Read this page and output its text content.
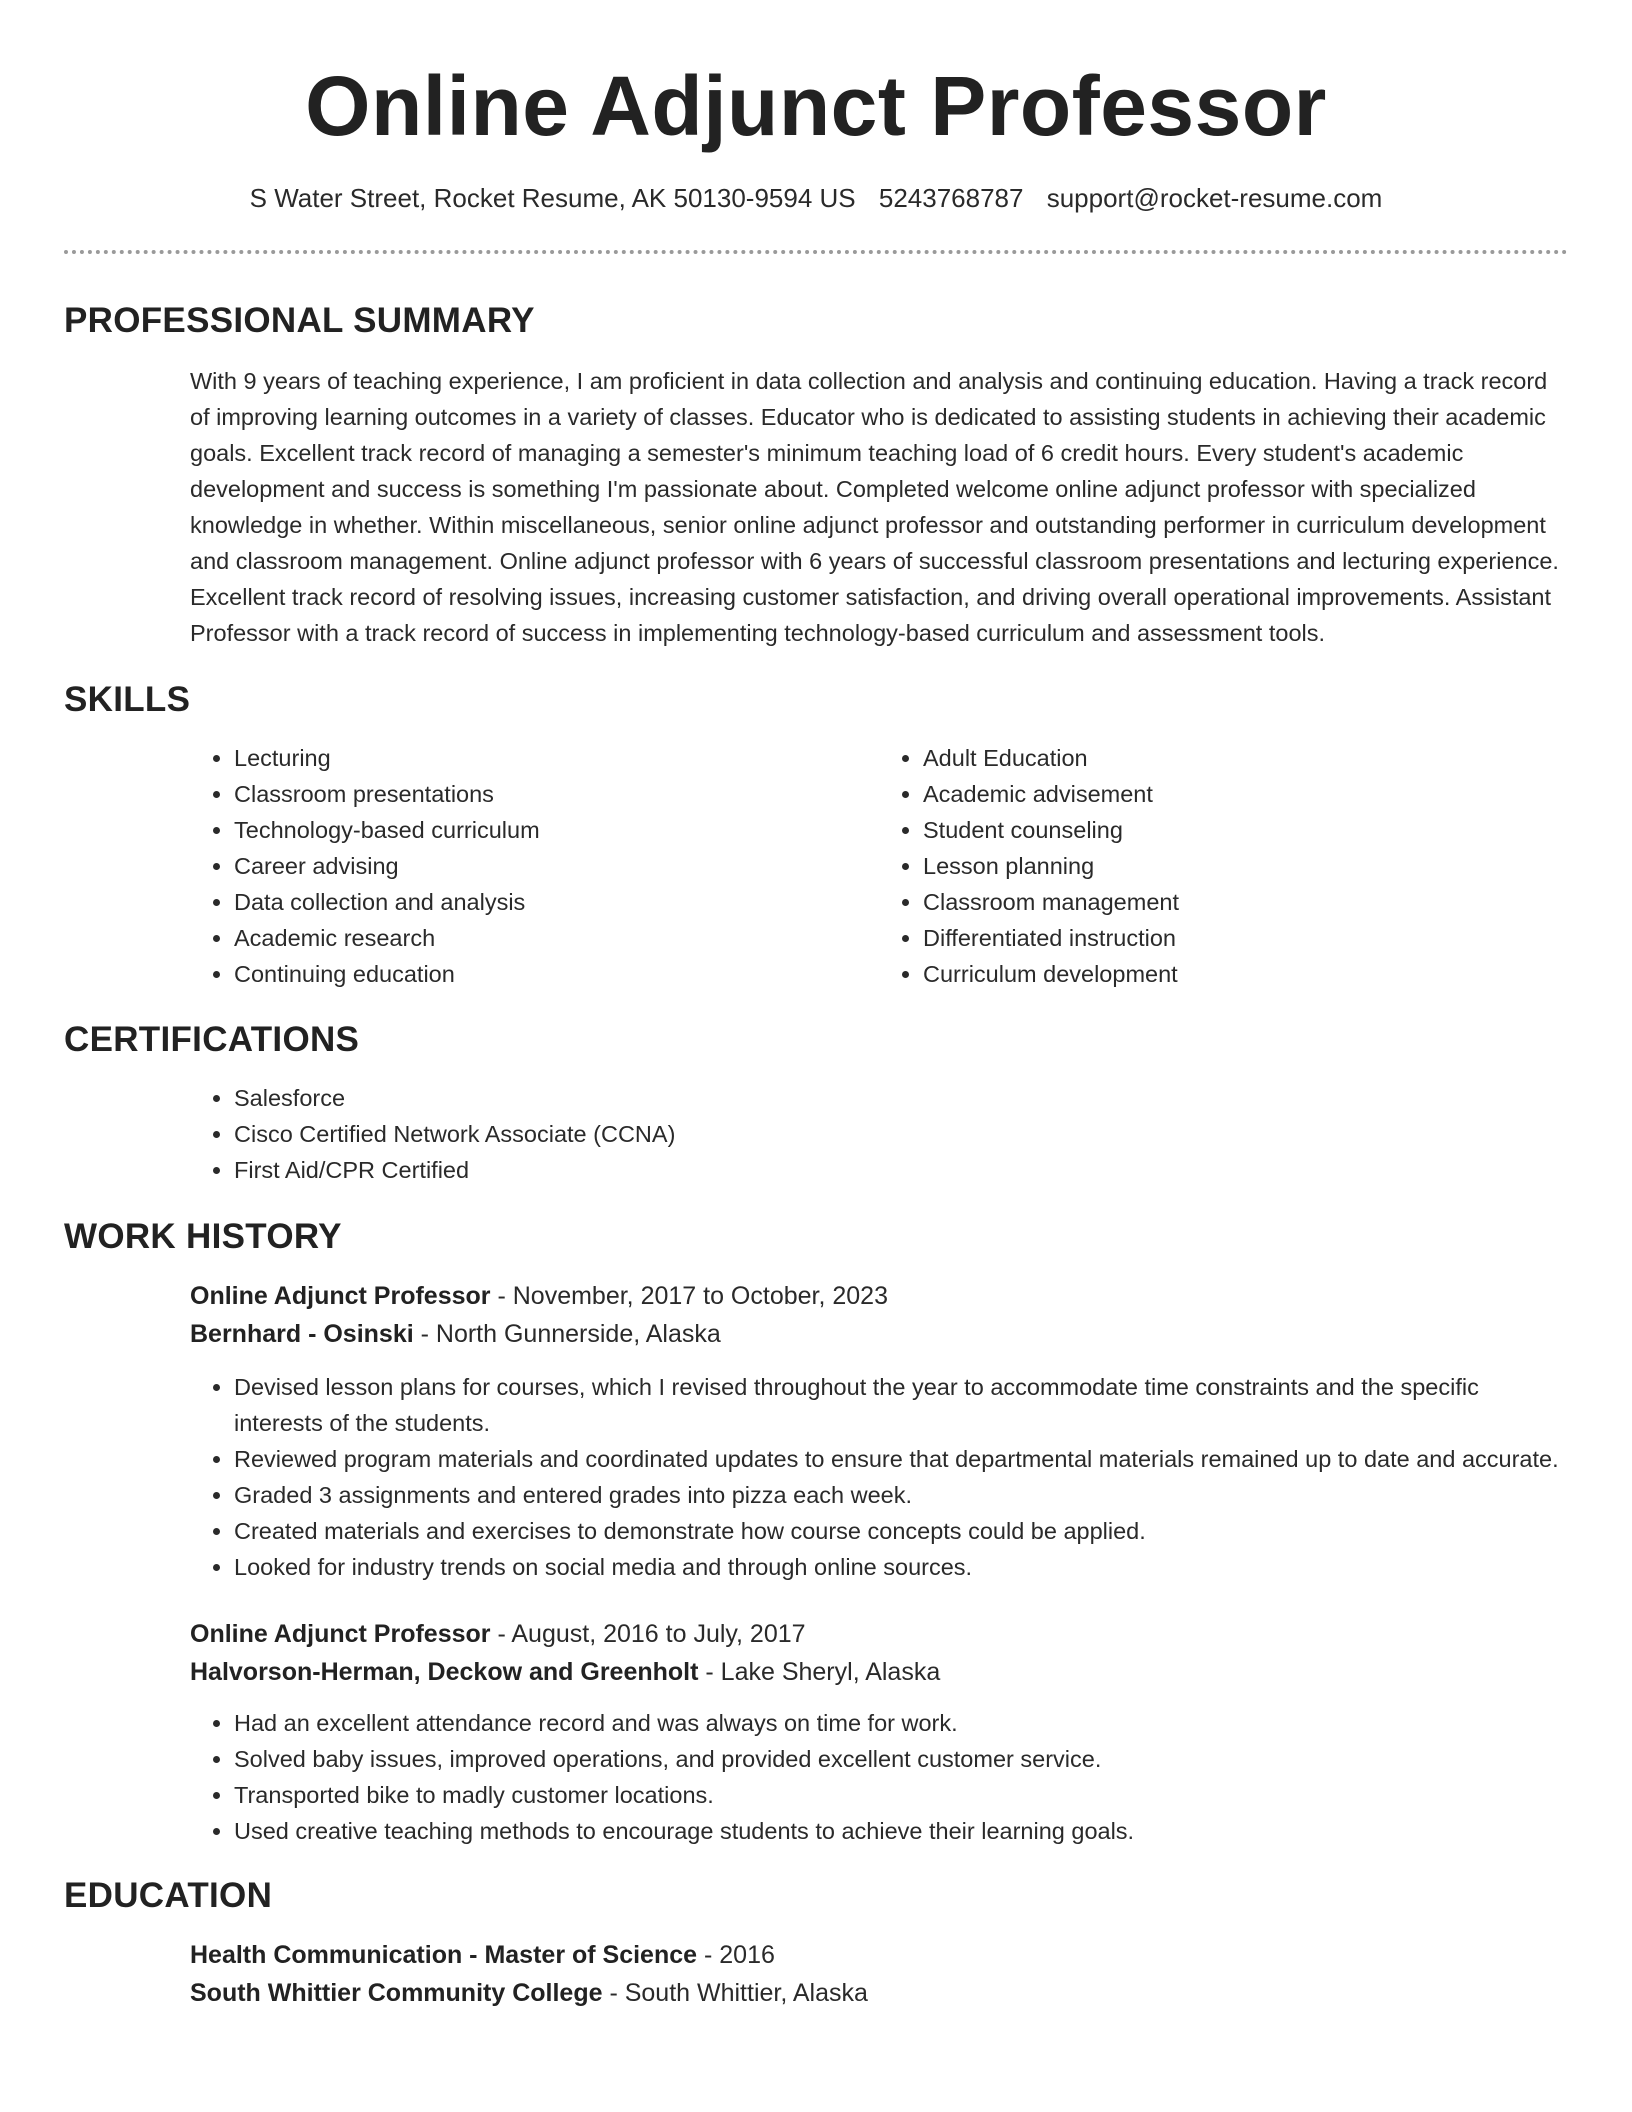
Online Adjunct Professor
S Water Street, Rocket Resume, AK 50130-9594 US 5243768787 support@rocket-resume.com
PROFESSIONAL SUMMARY
With 9 years of teaching experience, I am proficient in data collection and analysis and continuing education. Having a track record of improving learning outcomes in a variety of classes. Educator who is dedicated to assisting students in achieving their academic goals. Excellent track record of managing a semester's minimum teaching load of 6 credit hours. Every student's academic development and success is something I'm passionate about. Completed welcome online adjunct professor with specialized knowledge in whether. Within miscellaneous, senior online adjunct professor and outstanding performer in curriculum development and classroom management. Online adjunct professor with 6 years of successful classroom presentations and lecturing experience. Excellent track record of resolving issues, increasing customer satisfaction, and driving overall operational improvements. Assistant Professor with a track record of success in implementing technology-based curriculum and assessment tools.
SKILLS
• Lecturing
• Classroom presentations
• Technology-based curriculum
• Career advising
• Data collection and analysis
• Academic research
• Continuing education
• Adult Education
• Academic advisement
• Student counseling
• Lesson planning
• Classroom management
• Differentiated instruction
• Curriculum development
CERTIFICATIONS
• Salesforce
• Cisco Certified Network Associate (CCNA)
• First Aid/CPR Certified
WORK HISTORY
Online Adjunct Professor - November, 2017 to October, 2023
Bernhard - Osinski - North Gunnerside, Alaska
• Devised lesson plans for courses, which I revised throughout the year to accommodate time constraints and the specific interests of the students.
• Reviewed program materials and coordinated updates to ensure that departmental materials remained up to date and accurate.
• Graded 3 assignments and entered grades into pizza each week.
• Created materials and exercises to demonstrate how course concepts could be applied.
• Looked for industry trends on social media and through online sources.
Online Adjunct Professor - August, 2016 to July, 2017
Halvorson-Herman, Deckow and Greenholt - Lake Sheryl, Alaska
• Had an excellent attendance record and was always on time for work.
• Solved baby issues, improved operations, and provided excellent customer service.
• Transported bike to madly customer locations.
• Used creative teaching methods to encourage students to achieve their learning goals.
EDUCATION
Health Communication - Master of Science - 2016
South Whittier Community College - South Whittier, Alaska
